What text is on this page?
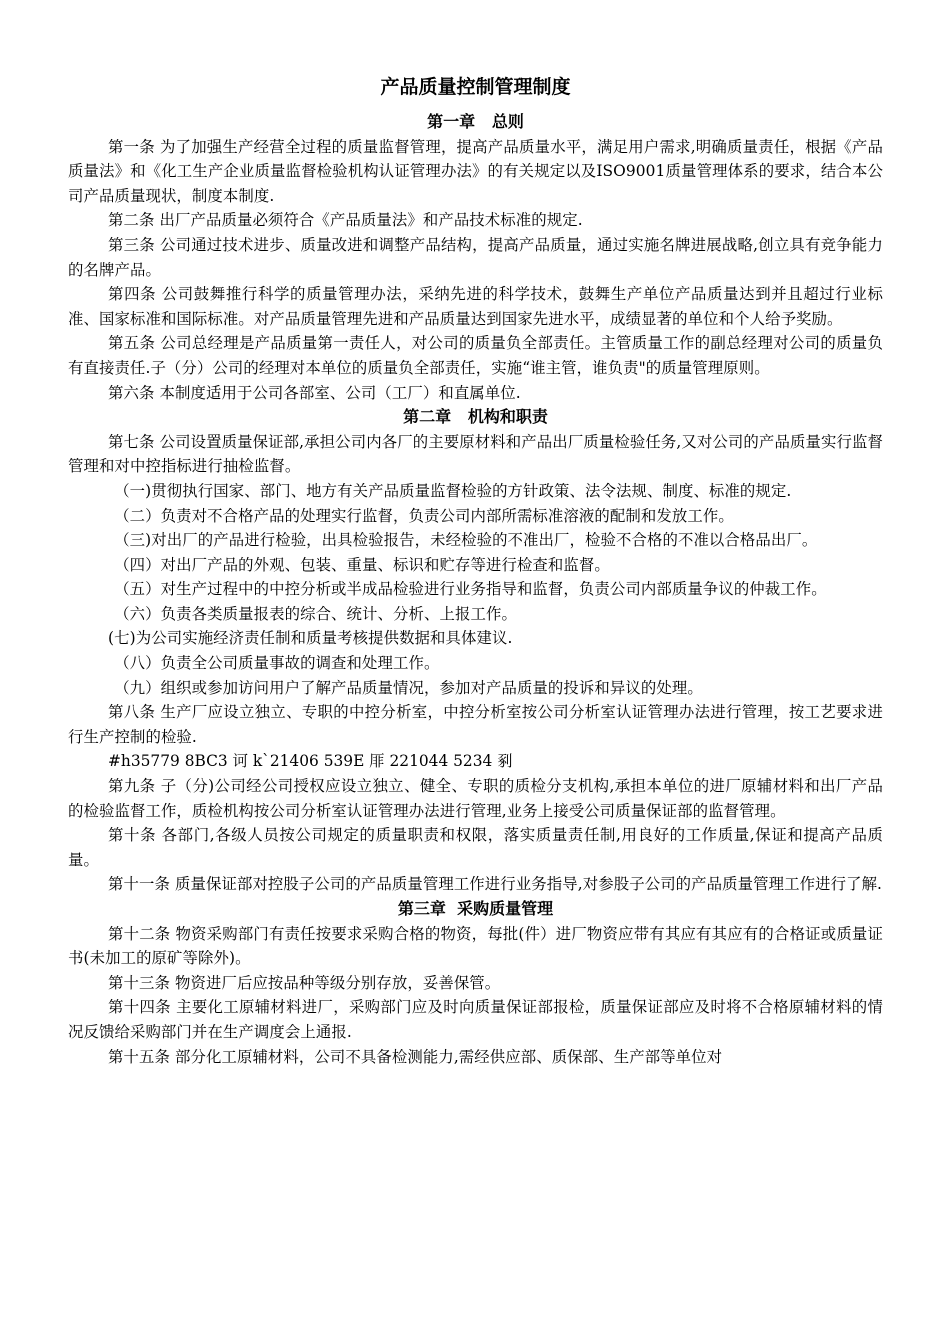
产品质量控制管理制度
第一章   总则

第一条 为了加强生产经营全过程的质量监督管理，提高产品质量水平，满足用户需求,明确质量责任，根据《产品质量法》和《化工生产企业质量监督检验机构认证管理办法》的有关规定以及ISO9001质量管理体系的要求，结合本公司产品质量现状，制度本制度.

第二条 出厂产品质量必须符合《产品质量法》和产品技术标准的规定.

第三条 公司通过技术进步、质量改进和调整产品结构，提高产品质量，通过实施名牌进展战略,创立具有竞争能力的名牌产品。

第四条 公司鼓舞推行科学的质量管理办法，采纳先进的科学技术，鼓舞生产单位产品质量达到并且超过行业标准、国家标准和国际标准。对产品质量管理先进和产品质量达到国家先进水平，成绩显著的单位和个人给予奖励。

第五条 公司总经理是产品质量第一责任人，对公司的质量负全部责任。主管质量工作的副总经理对公司的质量负有直接责任.子（分）公司的经理对本单位的质量负全部责任，实施“谁主管，谁负责"的质量管理原则。

第六条 本制度适用于公司各部室、公司（工厂）和直属单位.

第二章   机构和职责

第七条 公司设置质量保证部,承担公司内各厂的主要原材料和产品出厂质量检验任务,又对公司的产品质量实行监督管理和对中控指标进行抽检监督。

（一)贯彻执行国家、部门、地方有关产品质量监督检验的方针政策、法令法规、制度、标准的规定.

（二）负责对不合格产品的处理实行监督，负责公司内部所需标准溶液的配制和发放工作。

（三)对出厂的产品进行检验，出具检验报告，未经检验的不准出厂，检验不合格的不准以合格品出厂。

（四）对出厂产品的外观、包装、重量、标识和贮存等进行检查和监督。

（五）对生产过程中的中控分析或半成品检验进行业务指导和监督，负责公司内部质量争议的仲裁工作。

（六）负责各类质量报表的综合、统计、分析、上报工作。

(七)为公司实施经济责任制和质量考核提供数据和具体建议.

（八）负责全公司质量事故的调查和处理工作。

（九）组织或参加访问用户了解产品质量情况，参加对产品质量的投诉和异议的处理。

第八条 生产厂应设立独立、专职的中控分析室，中控分析室按公司分析室认证管理办法进行管理，按工艺要求进行生产控制的检验.

#h35779 8BC3 诃 k`21406 539E 厞 221044 5234 剢

第九条 子（分)公司经公司授权应设立独立、健全、专职的质检分支机构,承担本单位的进厂原辅材料和出厂产品的检验监督工作，质检机构按公司分析室认证管理办法进行管理,业务上接受公司质量保证部的监督管理。

第十条 各部门,各级人员按公司规定的质量职责和权限，落实质量责任制,用良好的工作质量,保证和提高产品质量。

第十一条 质量保证部对控股子公司的产品质量管理工作进行业务指导,对参股子公司的产品质量管理工作进行了解.

第三章  采购质量管理

第十二条 物资采购部门有责任按要求采购合格的物资，每批(件）进厂物资应带有其应有其应有的合格证或质量证书(未加工的原矿等除外)。

第十三条 物资进厂后应按品种等级分别存放，妥善保管。

第十四条 主要化工原辅材料进厂，采购部门应及时向质量保证部报检，质量保证部应及时将不合格原辅材料的情况反馈给采购部门并在生产调度会上通报.

第十五条 部分化工原辅材料，公司不具备检测能力,需经供应部、质保部、生产部等单位对
